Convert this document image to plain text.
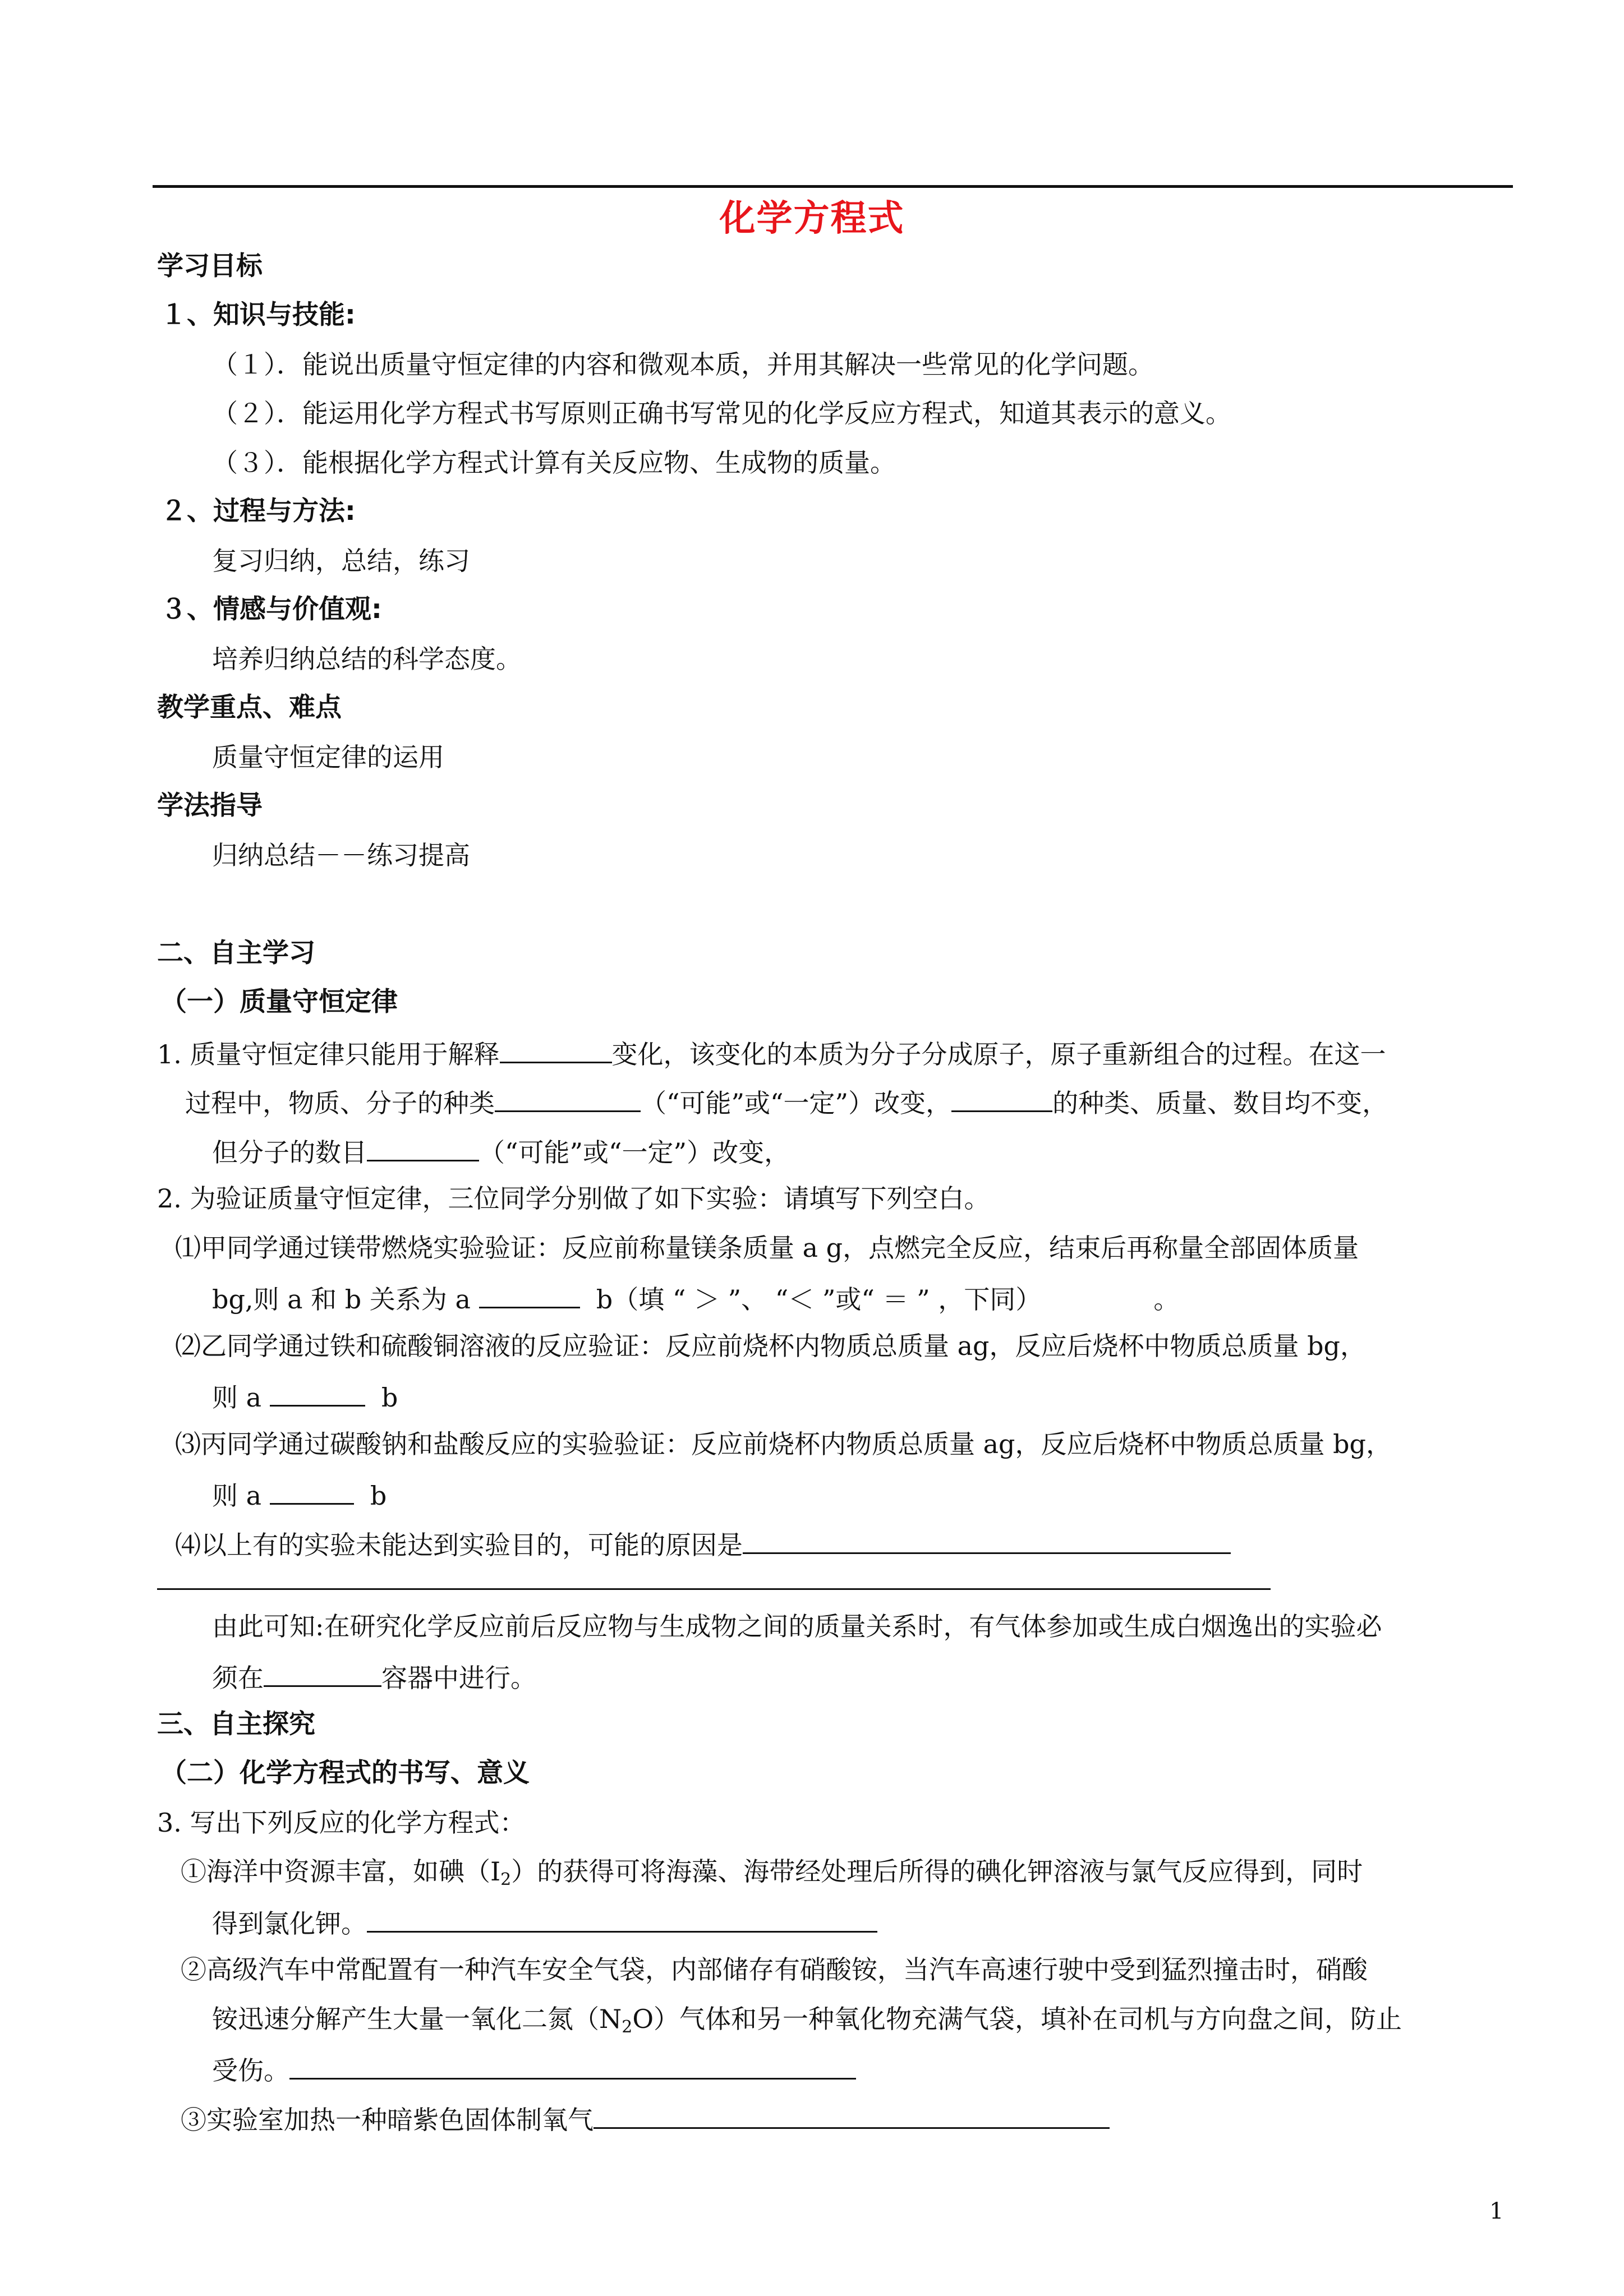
化学方程式
学习目标
１、知识与技能:
（１）．能说出质量守恒定律的内容和微观本质，并用其解决一些常见的化学问题。
（２）．能运用化学方程式书写原则正确书写常见的化学反应方程式，知道其表示的意义。
（３）．能根据化学方程式计算有关反应物、生成物的质量。
２、过程与方法:
复习归纳，总结，练习
３、情感与价值观:
培养归纳总结的科学态度。
教学重点、难点
质量守恒定律的运用
学法指导
归纳总结－－练习提高
二、自主学习
（一）质量守恒定律
1. 质量守恒定律只能用于解释	变化，该变化的本质为分子分成原子，原子重新组合的过程。在这一
过程中，物质、分子的种类	（“可能”或“一定”）改变，	的种类、质量、数目均不变，
但分子的数目	（“可能”或“一定”）改变，
2. 为验证质量守恒定律，三位同学分别做了如下实验：请填写下列空白。
⑴甲同学通过镁带燃烧实验验证：反应前称量镁条质量 a g，点燃完全反应，结束后再称量全部固体质量
bg,则 a 和 b 关系为 a	b（填 “ ＞ ”、 “＜ ”或“ ＝ ” ，下同）	。
⑵乙同学通过铁和硫酸铜溶液的反应验证：反应前烧杯内物质总质量 ag，反应后烧杯中物质总质量 bg，
则 a	b
⑶丙同学通过碳酸钠和盐酸反应的实验验证：反应前烧杯内物质总质量 ag，反应后烧杯中物质总质量 bg，
则 a	b
⑷以上有的实验未能达到实验目的，可能的原因是
由此可知:在研究化学反应前后反应物与生成物之间的质量关系时，有气体参加或生成白烟逸出的实验必
须在	容器中进行。
三、自主探究
（二）化学方程式的书写、意义
3. 写出下列反应的化学方程式：
①海洋中资源丰富，如碘$(I_2)$的获得可将海藻、海带经处理后所得的碘化钾溶液与氯气反应得到，同时
得到氯化钾。
②高级汽车中常配置有一种汽车安全气袋，内部储存有硝酸铵，当汽车高速行驶中受到猛烈撞击时，硝酸
铵迅速分解产生大量一氧化二氮$(N_2O)$气体和另一种氧化物充满气袋，填补在司机与方向盘之间，防止
受伤。
③实验室加热一种暗紫色固体制氧气
1
